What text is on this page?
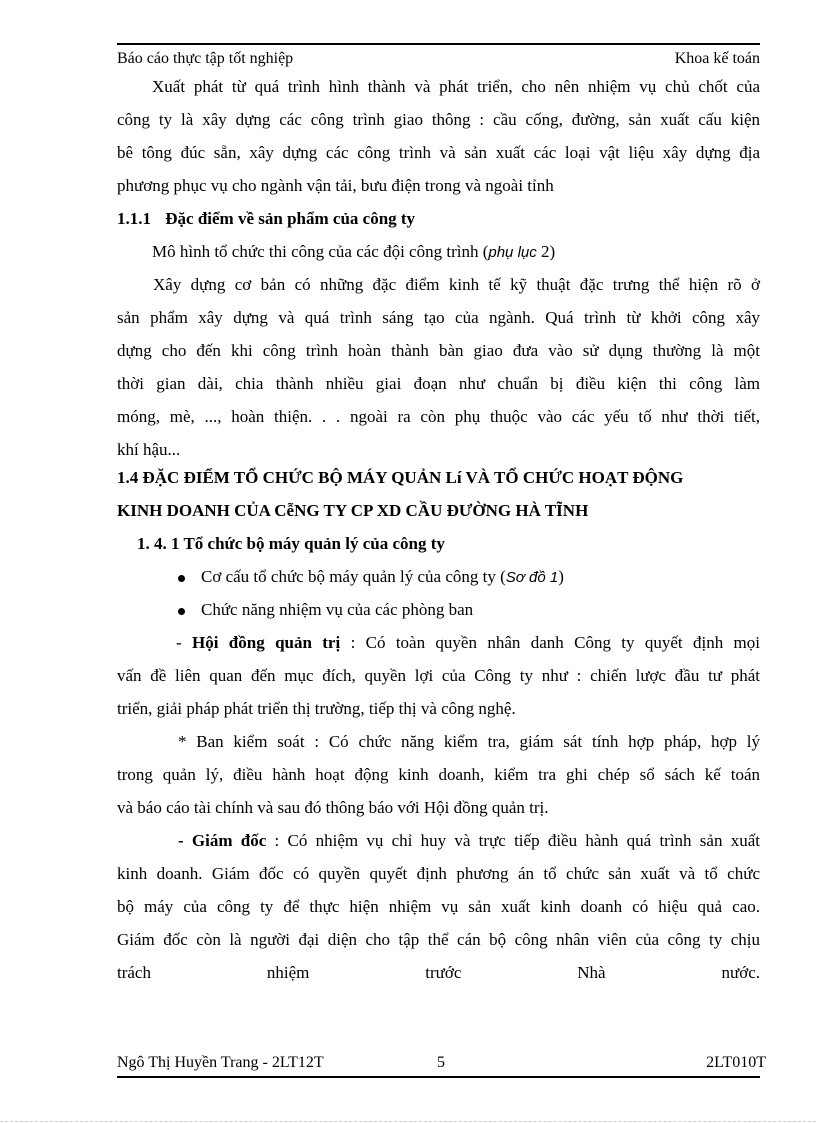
Báo cáo thực tập tốt nghiệp	Khoa kế toán
Xuất phát từ quá trình hình thành và phát triển, cho nên nhiệm vụ chủ chốt của
công ty là xây dựng các công trình giao thông : cầu cống, đường, sản xuất cấu kiện
bê tông đúc sẵn, xây dựng các công trình và sản xuất các loại vật liệu xây dựng địa
phương phục vụ cho ngành vận tải, bưu điện trong và ngoài tỉnh
1.1.1 Đặc điểm về sản phẩm của công ty
Mô hình tổ chức thi công của các đội công trình (phụ lục 2)
Xây dựng cơ bản có những đặc điểm kinh tế kỹ thuật đặc trưng thể hiện rõ ở
sản phẩm xây dựng và quá trình sáng tạo của ngành. Quá trình từ khởi công xây
dựng cho đến khi công trình hoàn thành bàn giao đưa vào sử dụng thường là một
thời gian dài, chia thành nhiều giai đoạn như chuẩn bị điều kiện thi công làm
móng, mè, ..., hoàn thiện. . . ngoài ra còn phụ thuộc vào các yếu tố như thời tiết,
khí hậu...
1.4 ĐẶC ĐIỂM TỔ CHỨC BỘ MÁY QUẢN Lí VÀ TỔ CHỨC HOẠT ĐỘNG
KINH DOANH CỦA CễNG TY CP XD CẦU ĐƯỜNG HÀ TĨNH
1. 4. 1 Tổ chức bộ máy quản lý của công ty
Cơ cấu tổ chức bộ máy quản lý của công ty (Sơ đồ 1)
Chức năng nhiệm vụ của các phòng ban
- Hội đồng quản trị : Có toàn quyền nhân danh Công ty quyết định mọi
vấn đề liên quan đến mục đích, quyền lợi của Công ty như : chiến lược đầu tư phát
triển, giải pháp phát triển thị trường, tiếp thị và công nghệ.
* Ban kiểm soát : Có chức năng kiểm tra, giám sát tính hợp pháp, hợp lý
trong quản lý, điều hành hoạt động kinh doanh, kiểm tra ghi chép sổ sách kế toán
và báo cáo tài chính và sau đó thông báo với Hội đồng quản trị.
- Giám đốc : Có nhiệm vụ chỉ huy và trực tiếp điều hành quá trình sản xuất
kinh doanh. Giám đốc có quyền quyết định phương án tổ chức sản xuất và tổ chức
bộ máy của công ty để thực hiện nhiệm vụ sản xuất kinh doanh có hiệu quả cao.
Giám đốc còn là người đại diện cho tập thể cán bộ công nhân viên của công ty chịu
trách nhiệm trước Nhà nước.
Ngô Thị Huyền Trang - 2LT12T	5	2LT010T
